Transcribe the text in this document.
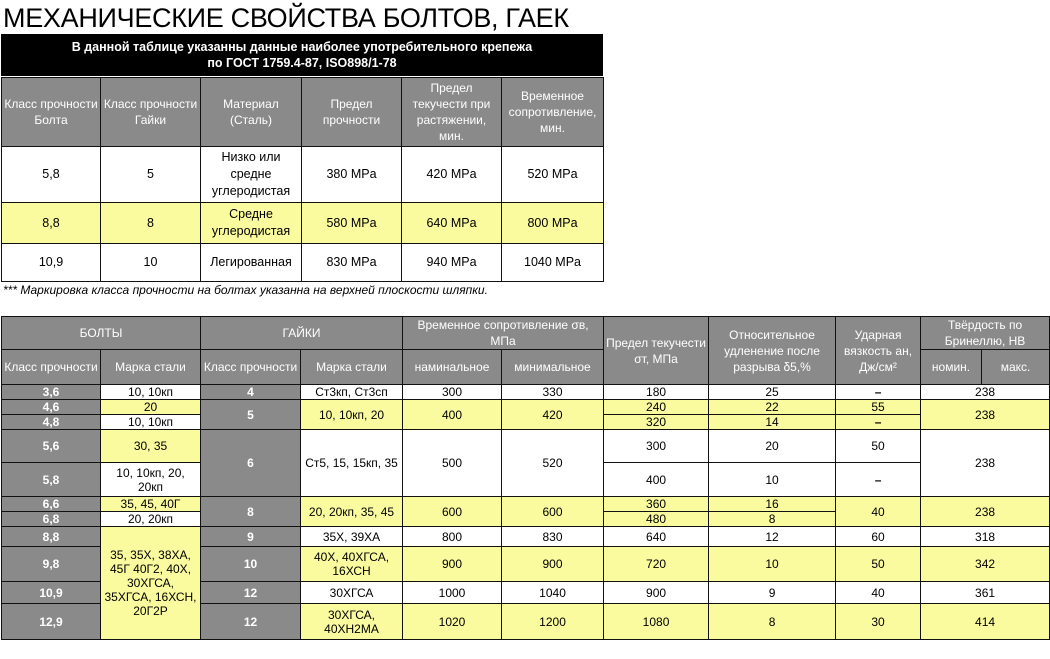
МЕХАНИЧЕСКИЕ СВОЙСТВА БОЛТОВ, ГАЕК
В данной таблице указанны данные наиболее употребительного крепежа
по ГОСТ 1759.4-87, ISO898/1-78
Класс прочности Болта	Класс прочности Гайки	Материал (Сталь)	Предел прочности	Предел текучести при растяжении, мин.	Временное сопротивление, мин.
5,8	5	Низко или средне углеродистая	380 MPa	420 MPa	520 MPa
8,8	8	Средне углеродистая	580 MPa	640 MPa	800 MPa
10,9	10	Легированная	830 MPa	940 MPa	1040 MPa
*** Маркировка класса прочности на болтах указанна на верхней плоскости шляпки.
БОЛТЫ		ГАЙКИ		Временное сопротивление σв, МПа		Предел текучести σт, МПа	Относительное удленение после разрыва δ5,%	Ударная вязкость ан, Дж/см²	Твёрдость по Бринеллю, НВ	
Класс прочности	Марка стали	Класс прочности	Марка стали	наминальное	минимальное				номин.	макс.
3,6	10, 10кп	4	Ст3кп, Ст3сп	300	330	180	25	–	238	
4,6	20	5	10, 10кп, 20	400	420	240	22	55	238	
4,8	10, 10кп					320	14	–		
5,6	30, 35	6	Ст5, 15, 15кп, 35	500	520	300	20	50	238	
5,8	10, 10кп, 20, 20кп					400	10	–		
6,6	35, 45, 40Г	8	20, 20кп, 35, 45	600	600	360	16	40	238	
6,8	20, 20кп					480	8			
8,8	35, 35Х, 38ХА, 45Г 40Г2, 40Х, 30ХГСА, 35ХГСА, 16ХСН, 20Г2Р	9	35Х, 39ХА	800	830	640	12	60	318	
9,8		10	40Х, 40ХГСА, 16ХСН	900	900	720	10	50	342	
10,9		12	30ХГСА	1000	1040	900	9	40	361	
12,9		12	30ХГСА, 40ХН2МА	1020	1200	1080	8	30	414	
